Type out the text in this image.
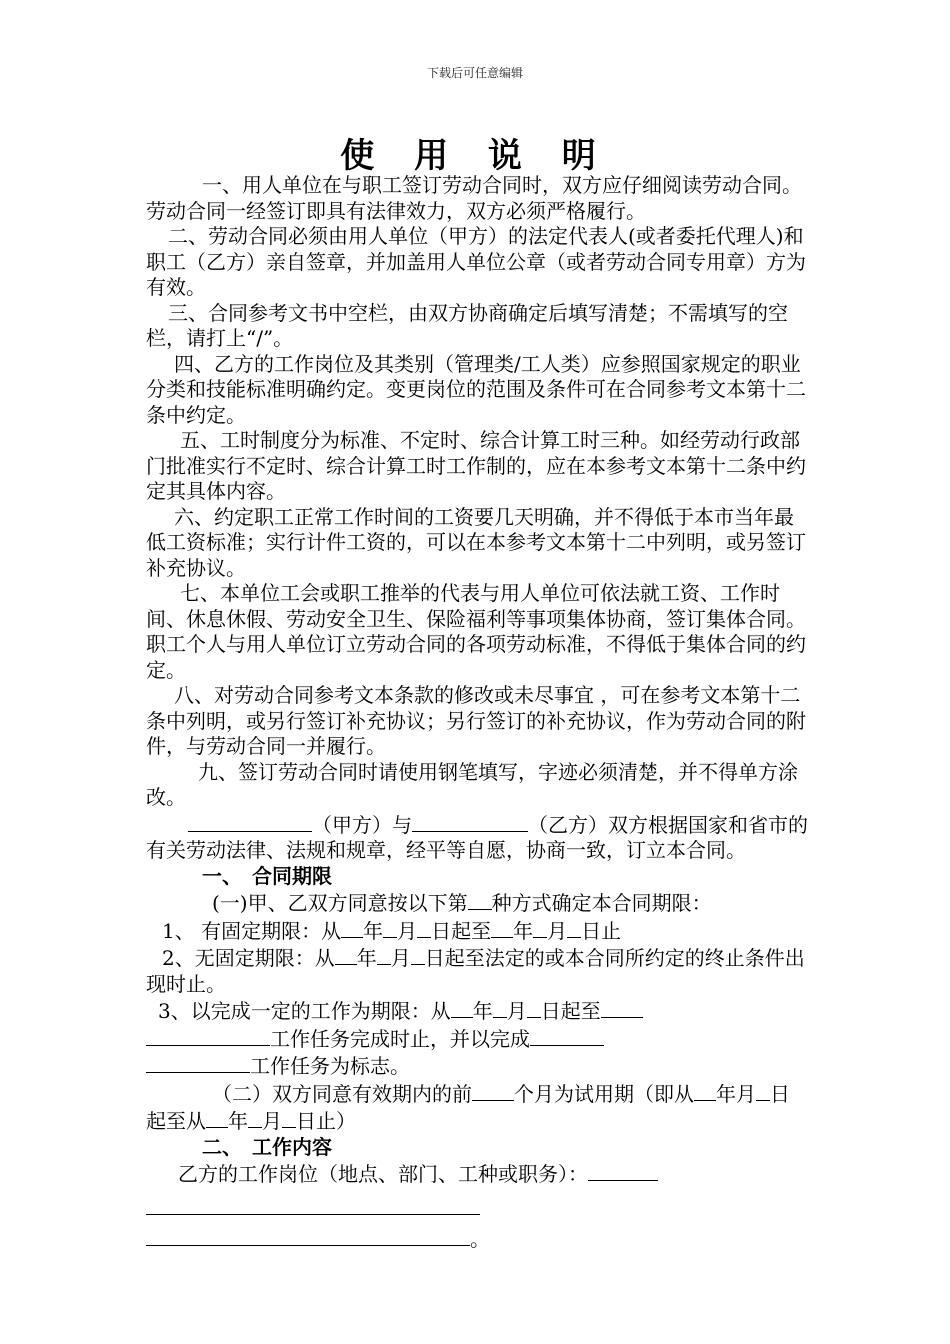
下载后可任意编辑
使 用 说 明

一、用人单位在与职工签订劳动合同时，双方应仔细阅读劳动合同。劳动合同一经签订即具有法律效力，双方必须严格履行。

二、劳动合同必须由用人单位（甲方）的法定代表人(或者委托代理人)和职工（乙方）亲自签章，并加盖用人单位公章（或者劳动合同专用章）方为有效。

三、合同参考文书中空栏，由双方协商确定后填写清楚；不需填写的空栏，请打上“/”。

四、乙方的工作岗位及其类别（管理类/工人类）应参照国家规定的职业分类和技能标准明确约定。变更岗位的范围及条件可在合同参考文本第十二条中约定。

五、工时制度分为标准、不定时、综合计算工时三种。如经劳动行政部门批准实行不定时、综合计算工时工作制的，应在本参考文本第十二条中约定其具体内容。

六、约定职工正常工作时间的工资要几天明确，并不得低于本市当年最低工资标准；实行计件工资的，可以在本参考文本第十二中列明，或另签订补充协议。

七、本单位工会或职工推举的代表与用人单位可依法就工资、工作时间、休息休假、劳动安全卫生、保险福利等事项集体协商，签订集体合同。职工个人与用人单位订立劳动合同的各项劳动标准，不得低于集体合同的约定。

八、对劳动合同参考文本条款的修改或未尽事宜 ，可在参考文本第十二条中列明，或另行签订补充协议；另行签订的补充协议，作为劳动合同的附件，与劳动合同一并履行。

九、签订劳动合同时请使用钢笔填写，字迹必须清楚，并不得单方涂改。

（甲方）与	（乙方）双方根据国家和省市的有关劳动法律、法规和规章，经平等自愿，协商一致，订立本合同。

一、　合同期限

(一)甲、乙双方同意按以下第 种方式确定本合同期限：

1、 有固定期限：从 年 月 日起至 年 月 日止

2、无固定期限：从 年 月 日起至法定的或本合同所约定的终止条件出现时止。

3、以完成一定的工作为期限：从 年 月 日起至
工作任务完成时止，并以完成
工作任务为标志。

（二）双方同意有效期内的前 个月为试用期（即从 年月 日起至从 年 月 日止）

二、　工作内容

乙方的工作岗位（地点、部门、工种或职务）：

。
